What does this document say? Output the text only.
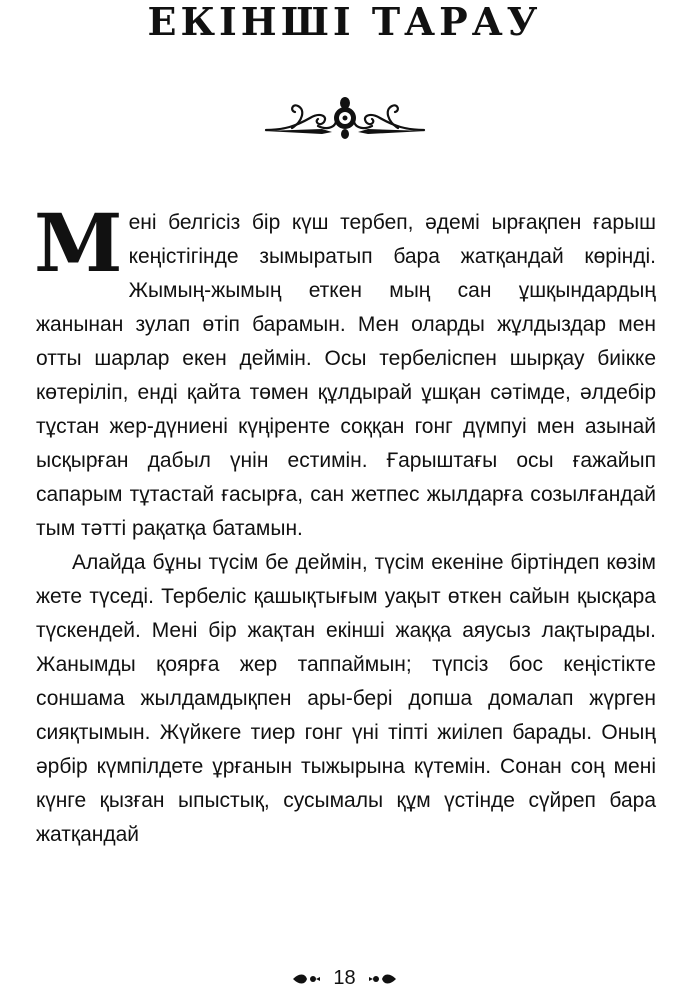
ЕКІНШІ ТАРАУ

Мені белгісіз бір күш тербеп, әдемі ырғақпен ғарыш кеңістігінде зымыратып бара жатқандай көрінді. Жымың-жымың еткен мың сан ұшқындардың жанынан зулап өтіп барамын. Мен оларды жұлдыздар мен отты шарлар екен деймін. Осы тербеліспен шырқау биікке көтеріліп, енді қайта төмен құлдырай ұшқан сәтімде, әлдебір тұстан жер-дүниені күңіренте соққан гонг дүмпуі мен азынай ысқырған дабыл үнін естимін. Ғарыштағы осы ғажайып сапарым тұтастай ғасырға, сан жетпес жылдарға созылғандай тым тәтті рақатқа батамын.

Алайда бұны түсім бе деймін, түсім екеніне біртіндеп көзім жете түседі. Тербеліс қашықтығым уақыт өткен сайын қысқара түскендей. Мені бір жақтан екінші жаққа аяусыз лақтырады. Жанымды қоярға жер таппаймын; түпсіз бос кеңістікте соншама жылдамдықпен ары-бері допша домалап жүрген сияқтымын. Жүйкеге тиер гонг үні тіпті жиілеп барады. Оның әрбір күмпілдете ұрғанын тыжырына күтемін. Сонан соң мені күнге қызған ыпыстық, сусымалы құм үстінде сүйреп бара жатқандай

18
